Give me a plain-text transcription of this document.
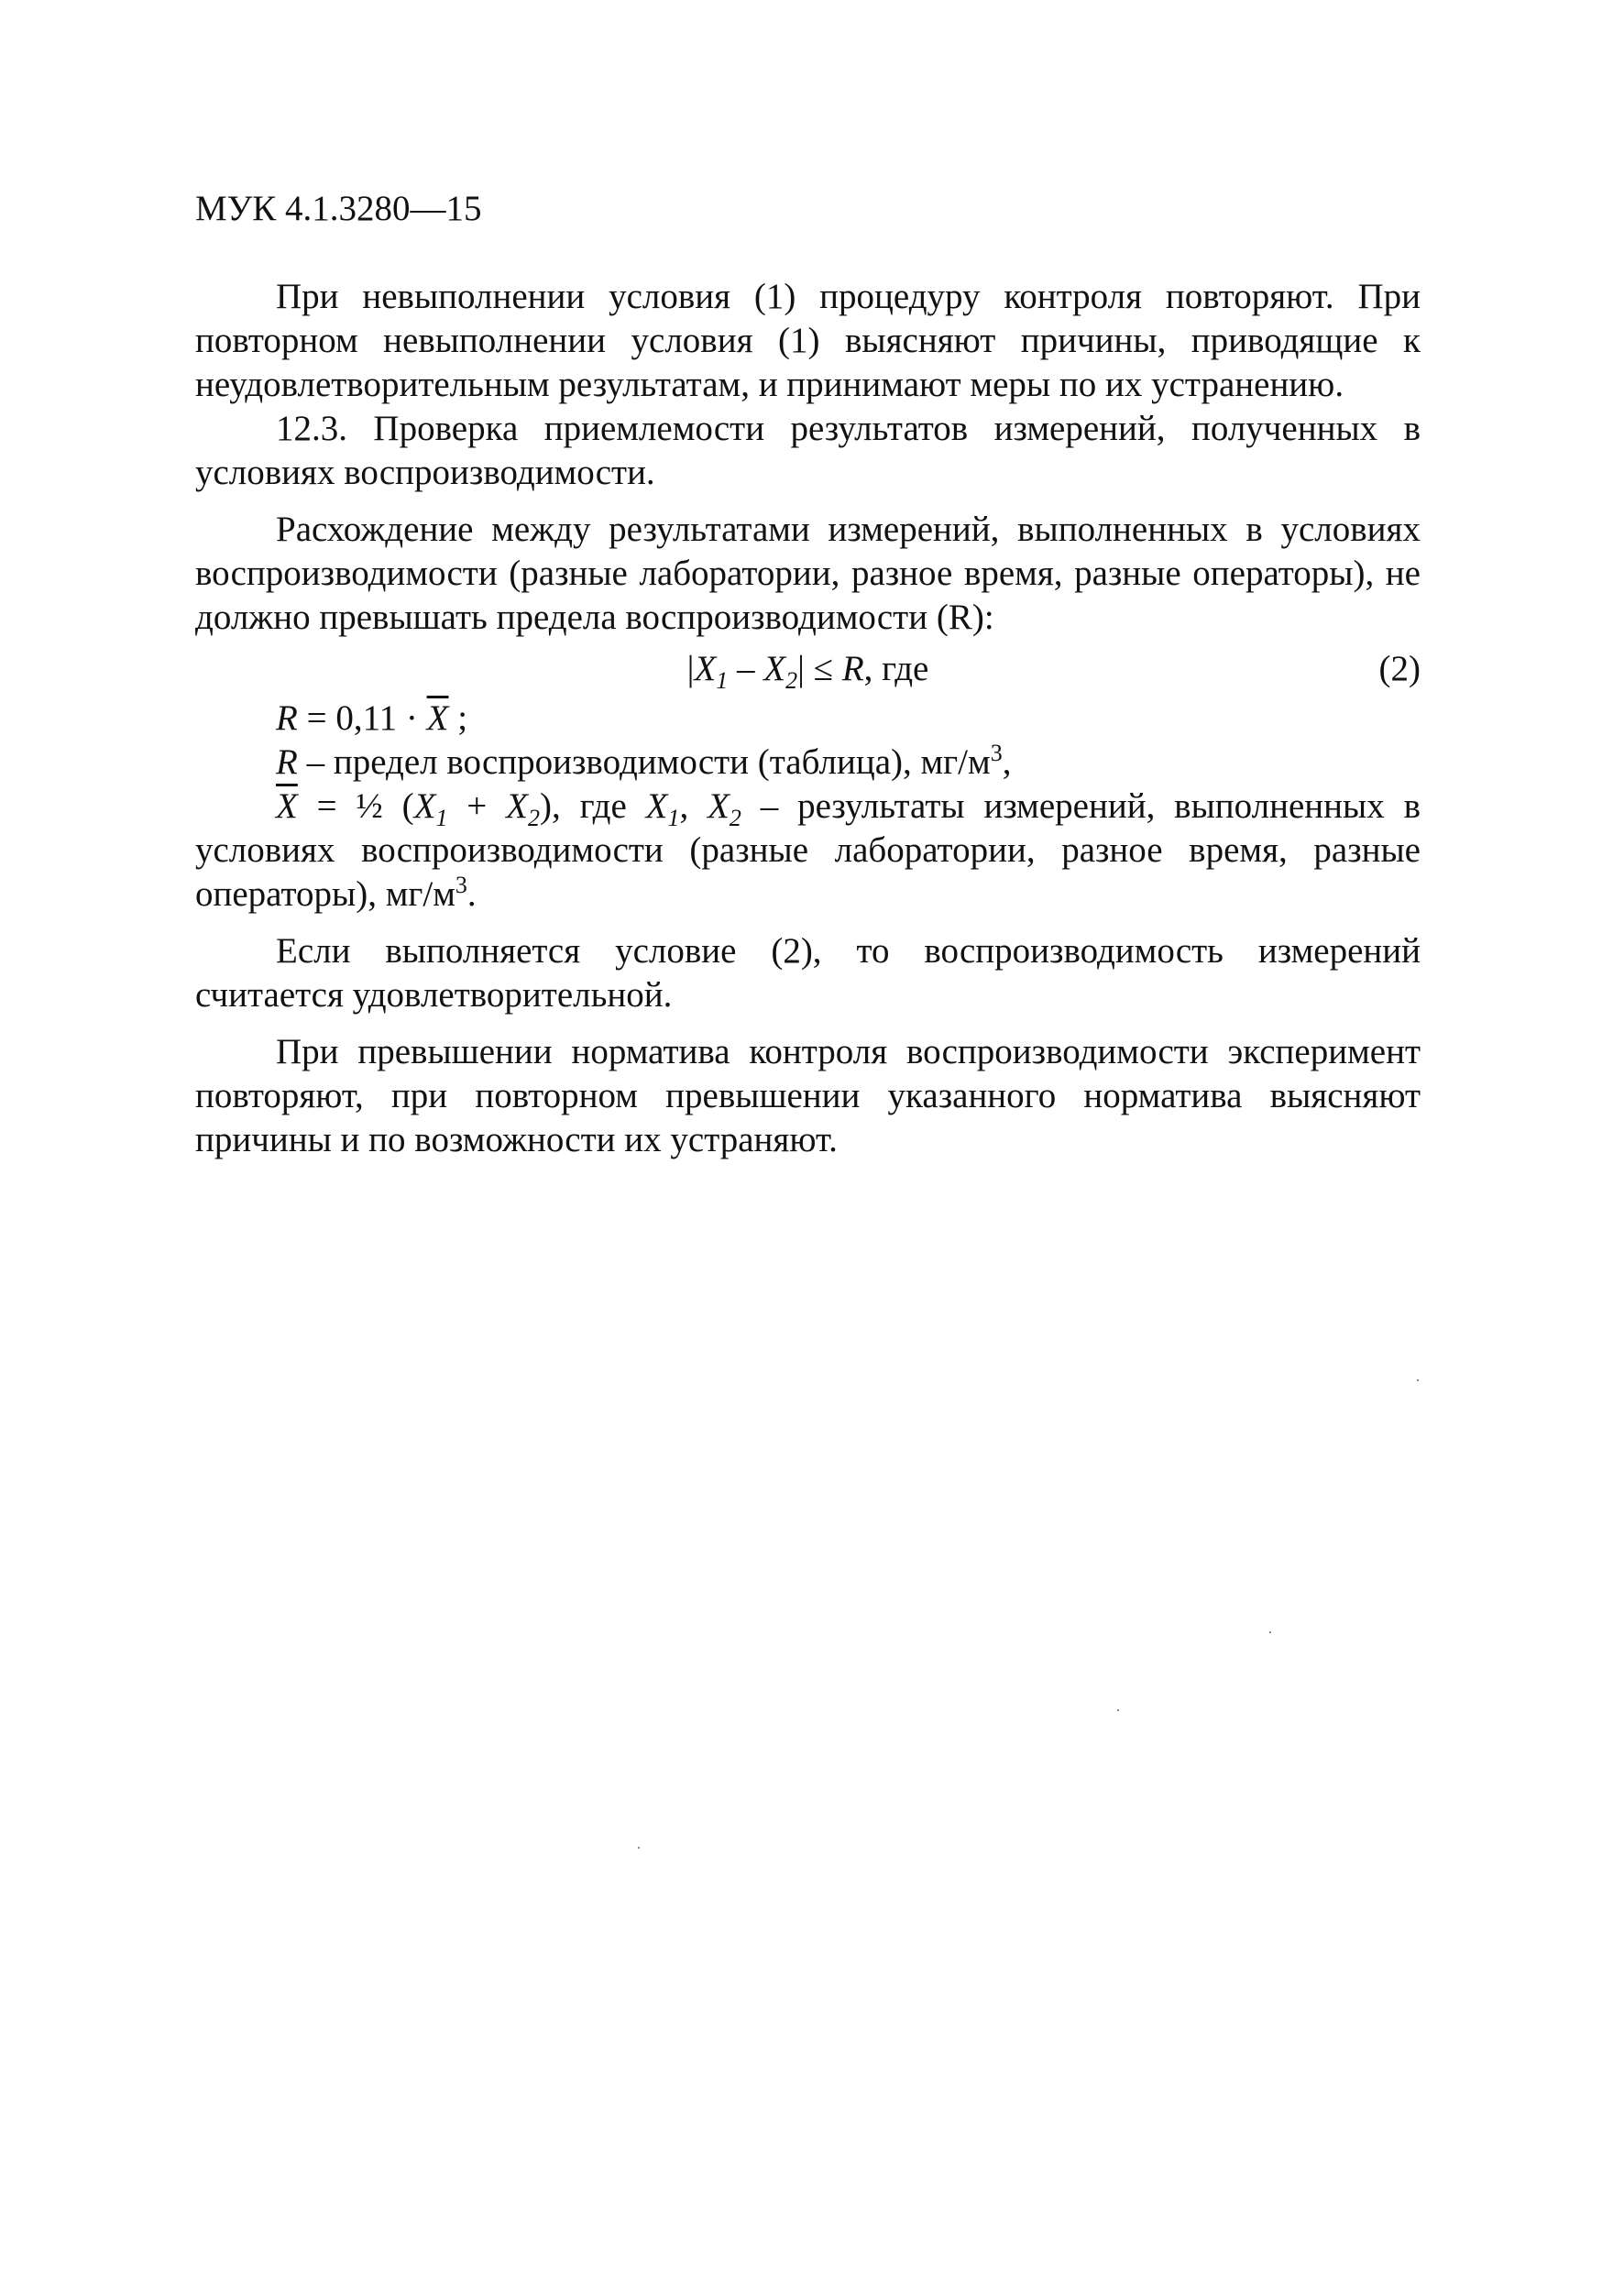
МУК 4.1.3280—15

При невыполнении условия (1) процедуру контроля повторяют. При повторном невыполнении условия (1) выясняют причины, приводящие к неудовлетворительным результатам, и принимают меры по их устранению.

12.3. Проверка приемлемости результатов измерений, полученных в условиях воспроизводимости.

Расхождение между результатами измерений, выполненных в условиях воспроизводимости (разные лаборатории, разное время, разные операторы), не должно превышать предела воспроизводимости (R):

$|X_1 - X_2| \le R$, где	(2)

$R = 0,11 \cdot \overline{X}$ ;

R – предел воспроизводимости (таблица), $мг/м^3$,

$\overline{X}$ = ½ $(X_1 + X_2)$, где $X_1$, $X_2$ – результаты измерений, выполненных в условиях воспроизводимости (разные лаборатории, разное время, разные операторы), $мг/м^3$.

Если выполняется условие (2), то воспроизводимость измерений считается удовлетворительной.

При превышении норматива контроля воспроизводимости эксперимент повторяют, при повторном превышении указанного норматива выясняют причины и по возможности их устраняют.
